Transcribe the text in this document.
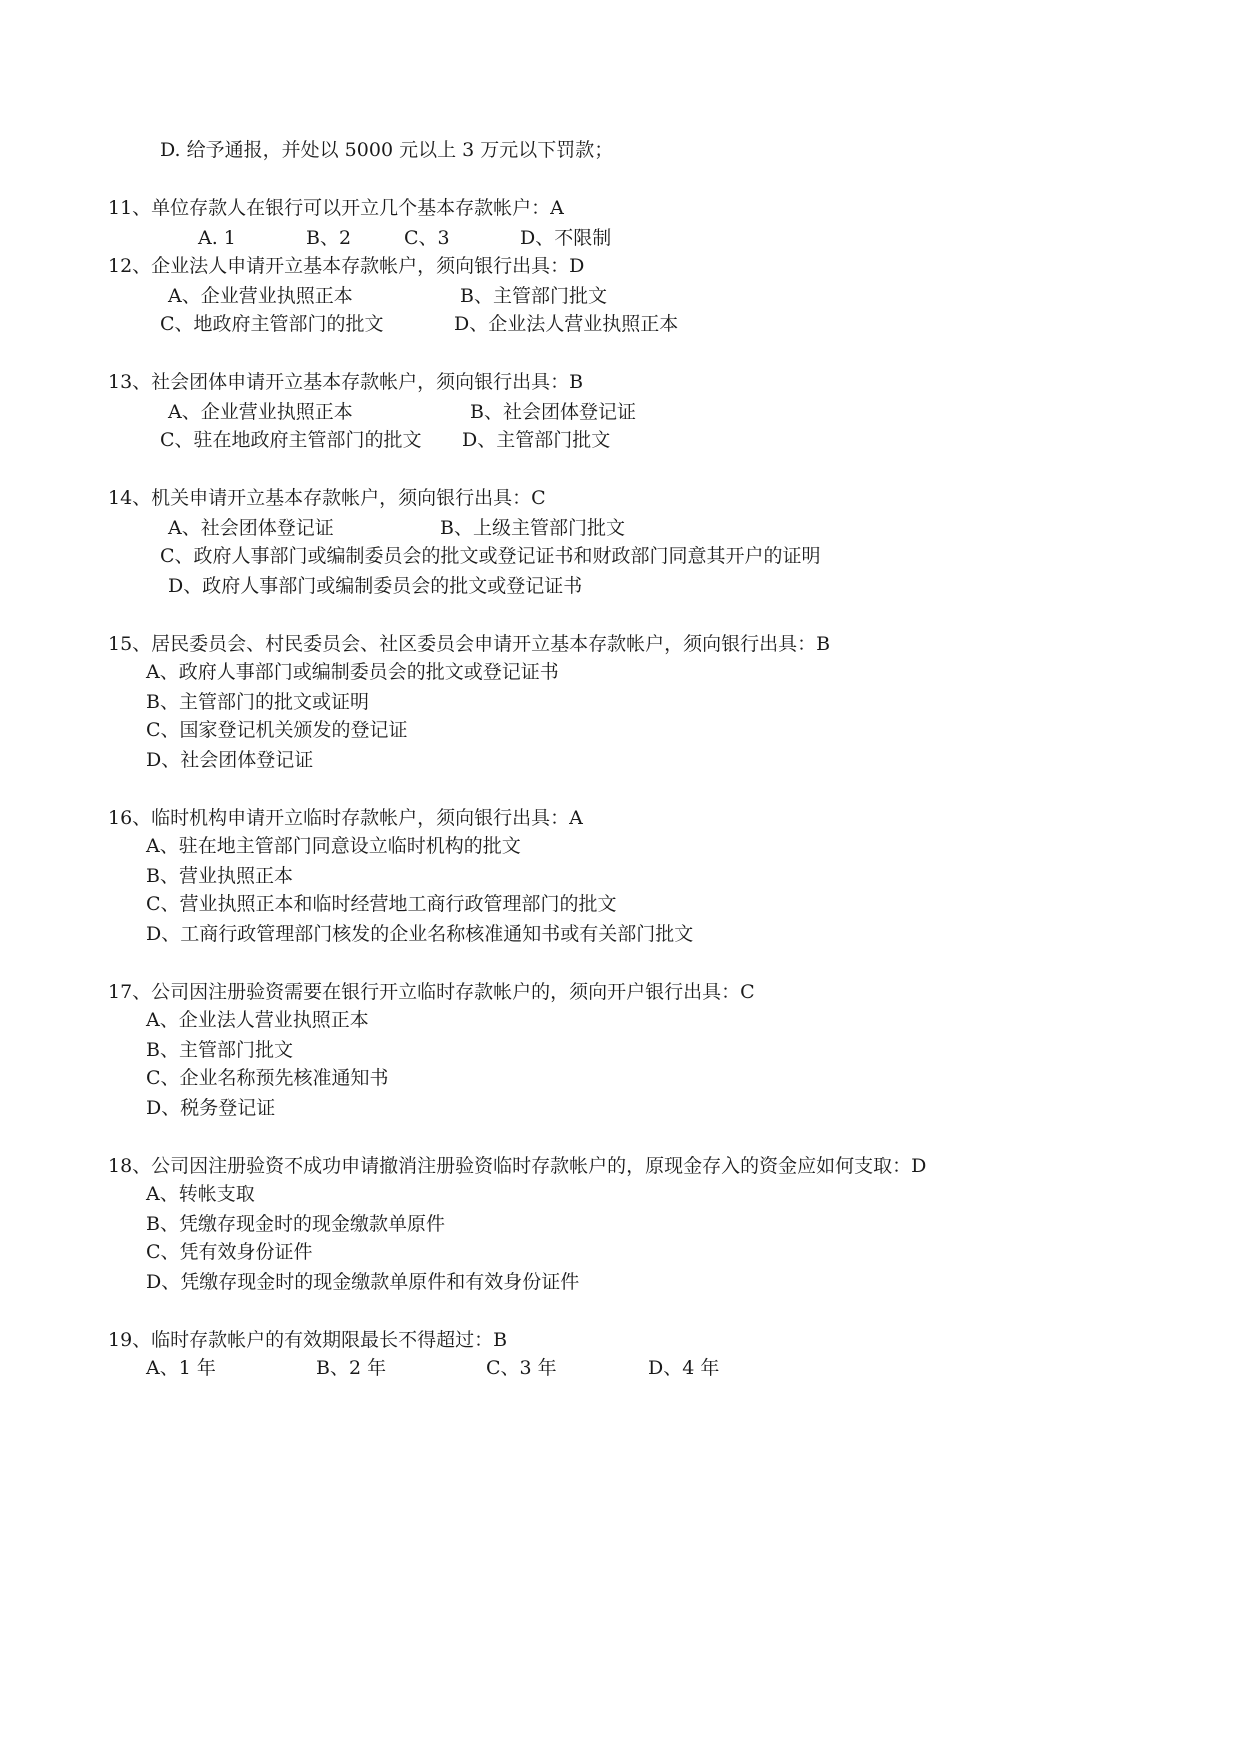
D. 给予通报，并处以 5000 元以上 3 万元以下罚款；
11、单位存款人在银行可以开立几个基本存款帐户：A
A. 1	B、2	C、3	D、不限制
12、企业法人申请开立基本存款帐户，须向银行出具：D
A、企业营业执照正本	B、主管部门批文
C、地政府主管部门的批文	D、企业法人营业执照正本
13、社会团体申请开立基本存款帐户，须向银行出具：B
A、企业营业执照正本	B、社会团体登记证
C、驻在地政府主管部门的批文 D、主管部门批文
14、机关申请开立基本存款帐户，须向银行出具：C
A、社会团体登记证	B、上级主管部门批文
C、政府人事部门或编制委员会的批文或登记证书和财政部门同意其开户的证明
D、政府人事部门或编制委员会的批文或登记证书
15、居民委员会、村民委员会、社区委员会申请开立基本存款帐户，须向银行出具：B
A、政府人事部门或编制委员会的批文或登记证书
B、主管部门的批文或证明
C、国家登记机关颁发的登记证
D、社会团体登记证
16、临时机构申请开立临时存款帐户，须向银行出具：A
A、驻在地主管部门同意设立临时机构的批文
B、营业执照正本
C、营业执照正本和临时经营地工商行政管理部门的批文
D、工商行政管理部门核发的企业名称核准通知书或有关部门批文
17、公司因注册验资需要在银行开立临时存款帐户的，须向开户银行出具：C
A、企业法人营业执照正本
B、主管部门批文
C、企业名称预先核准通知书
D、税务登记证
18、公司因注册验资不成功申请撤消注册验资临时存款帐户的，原现金存入的资金应如何支取：D
A、转帐支取
B、凭缴存现金时的现金缴款单原件
C、凭有效身份证件
D、凭缴存现金时的现金缴款单原件和有效身份证件
19、临时存款帐户的有效期限最长不得超过：B
A、1 年	B、2 年	C、3 年	D、4 年
